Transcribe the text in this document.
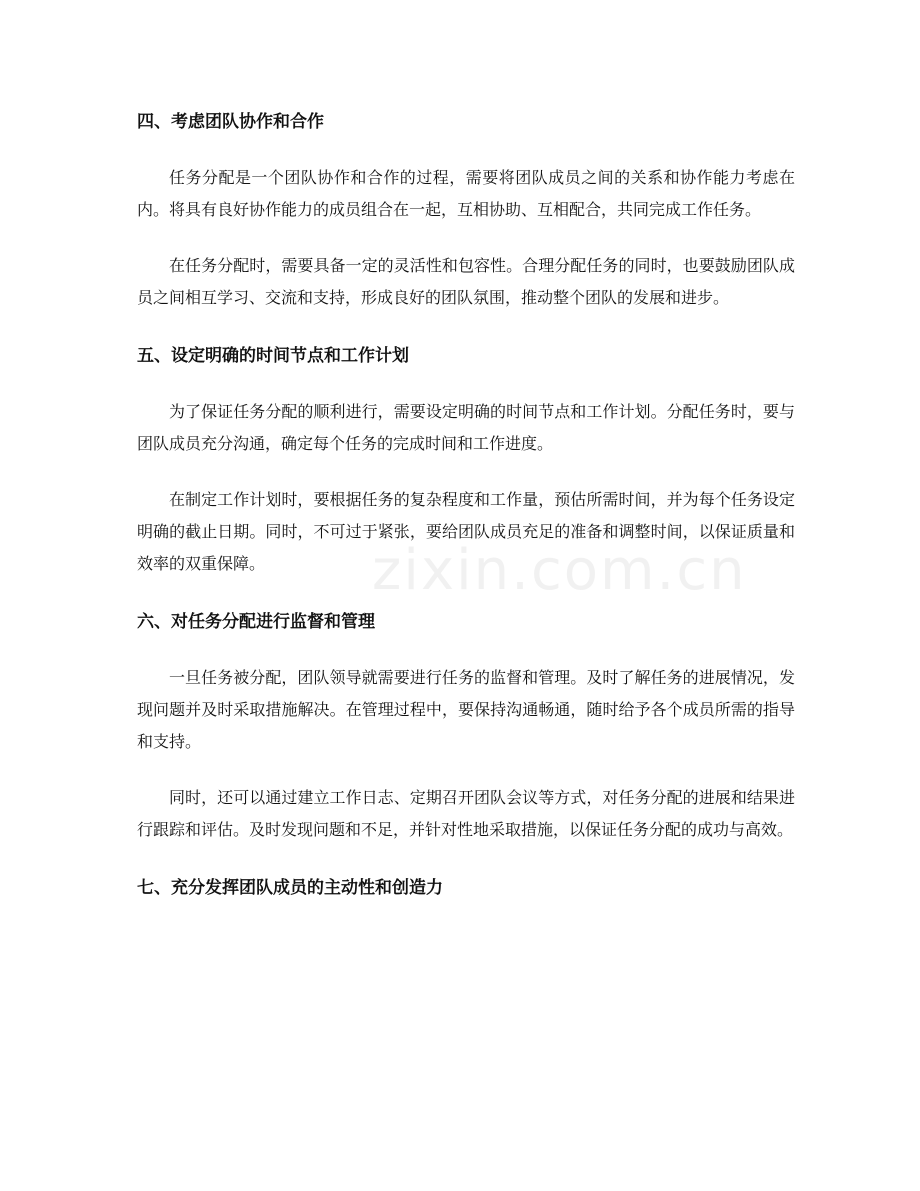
四、考虑团队协作和合作

任务分配是一个团队协作和合作的过程，需要将团队成员之间的关系和协作能力考虑在内。将具有良好协作能力的成员组合在一起，互相协助、互相配合，共同完成工作任务。

在任务分配时，需要具备一定的灵活性和包容性。合理分配任务的同时，也要鼓励团队成员之间相互学习、交流和支持，形成良好的团队氛围，推动整个团队的发展和进步。

五、设定明确的时间节点和工作计划

为了保证任务分配的顺利进行，需要设定明确的时间节点和工作计划。分配任务时，要与团队成员充分沟通，确定每个任务的完成时间和工作进度。

在制定工作计划时，要根据任务的复杂程度和工作量，预估所需时间，并为每个任务设定明确的截止日期。同时，不可过于紧张，要给团队成员充足的准备和调整时间，以保证质量和效率的双重保障。

六、对任务分配进行监督和管理

一旦任务被分配，团队领导就需要进行任务的监督和管理。及时了解任务的进展情况，发现问题并及时采取措施解决。在管理过程中，要保持沟通畅通，随时给予各个成员所需的指导和支持。

同时，还可以通过建立工作日志、定期召开团队会议等方式，对任务分配的进展和结果进行跟踪和评估。及时发现问题和不足，并针对性地采取措施，以保证任务分配的成功与高效。

七、充分发挥团队成员的主动性和创造力
zixin.com.cn
